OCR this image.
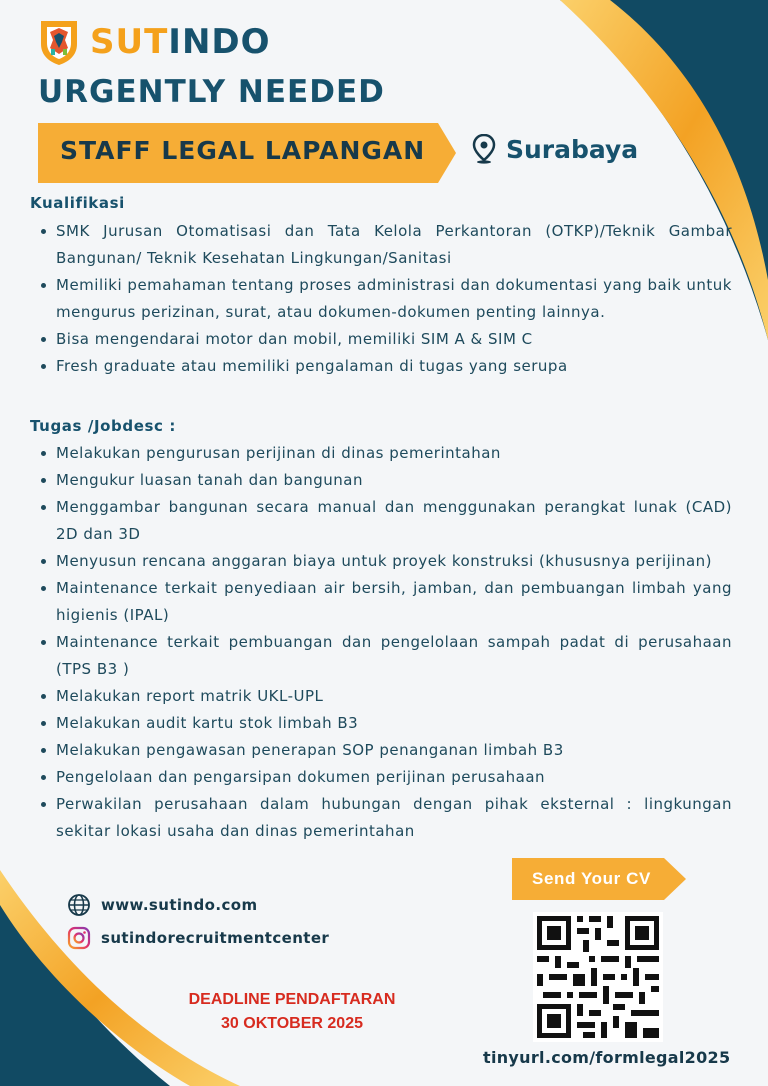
SUTINDO
URGENTLY NEEDED
STAFF LEGAL LAPANGAN	Surabaya
Kualifikasi
SMK Jurusan Otomatisasi dan Tata Kelola Perkantoran (OTKP)/Teknik Gambar Bangunan/ Teknik Kesehatan Lingkungan/Sanitasi
Memiliki pemahaman tentang proses administrasi dan dokumentasi yang baik untuk mengurus perizinan, surat, atau dokumen-dokumen penting lainnya.
Bisa mengendarai motor dan mobil, memiliki SIM A & SIM C
Fresh graduate atau memiliki pengalaman di tugas yang serupa
Tugas /Jobdesc :
Melakukan pengurusan perijinan di dinas pemerintahan
Mengukur luasan tanah dan bangunan
Menggambar bangunan secara manual dan menggunakan perangkat lunak (CAD) 2D dan 3D
Menyusun rencana anggaran biaya untuk proyek konstruksi (khususnya perijinan)
Maintenance terkait penyediaan air bersih, jamban, dan pembuangan limbah yang higienis (IPAL)
Maintenance terkait pembuangan dan pengelolaan sampah padat di perusahaan (TPS B3 )
Melakukan report matrik UKL-UPL
Melakukan audit kartu stok limbah B3
Melakukan pengawasan penerapan SOP penanganan limbah B3
Pengelolaan dan pengarsipan dokumen perijinan perusahaan
Perwakilan perusahaan dalam hubungan dengan pihak eksternal : lingkungan sekitar lokasi usaha dan dinas pemerintahan
www.sutindo.com
sutindorecruitmentcenter
DEADLINE PENDAFTARAN
30 OKTOBER 2025
Send Your CV
tinyurl.com/formlegal2025
